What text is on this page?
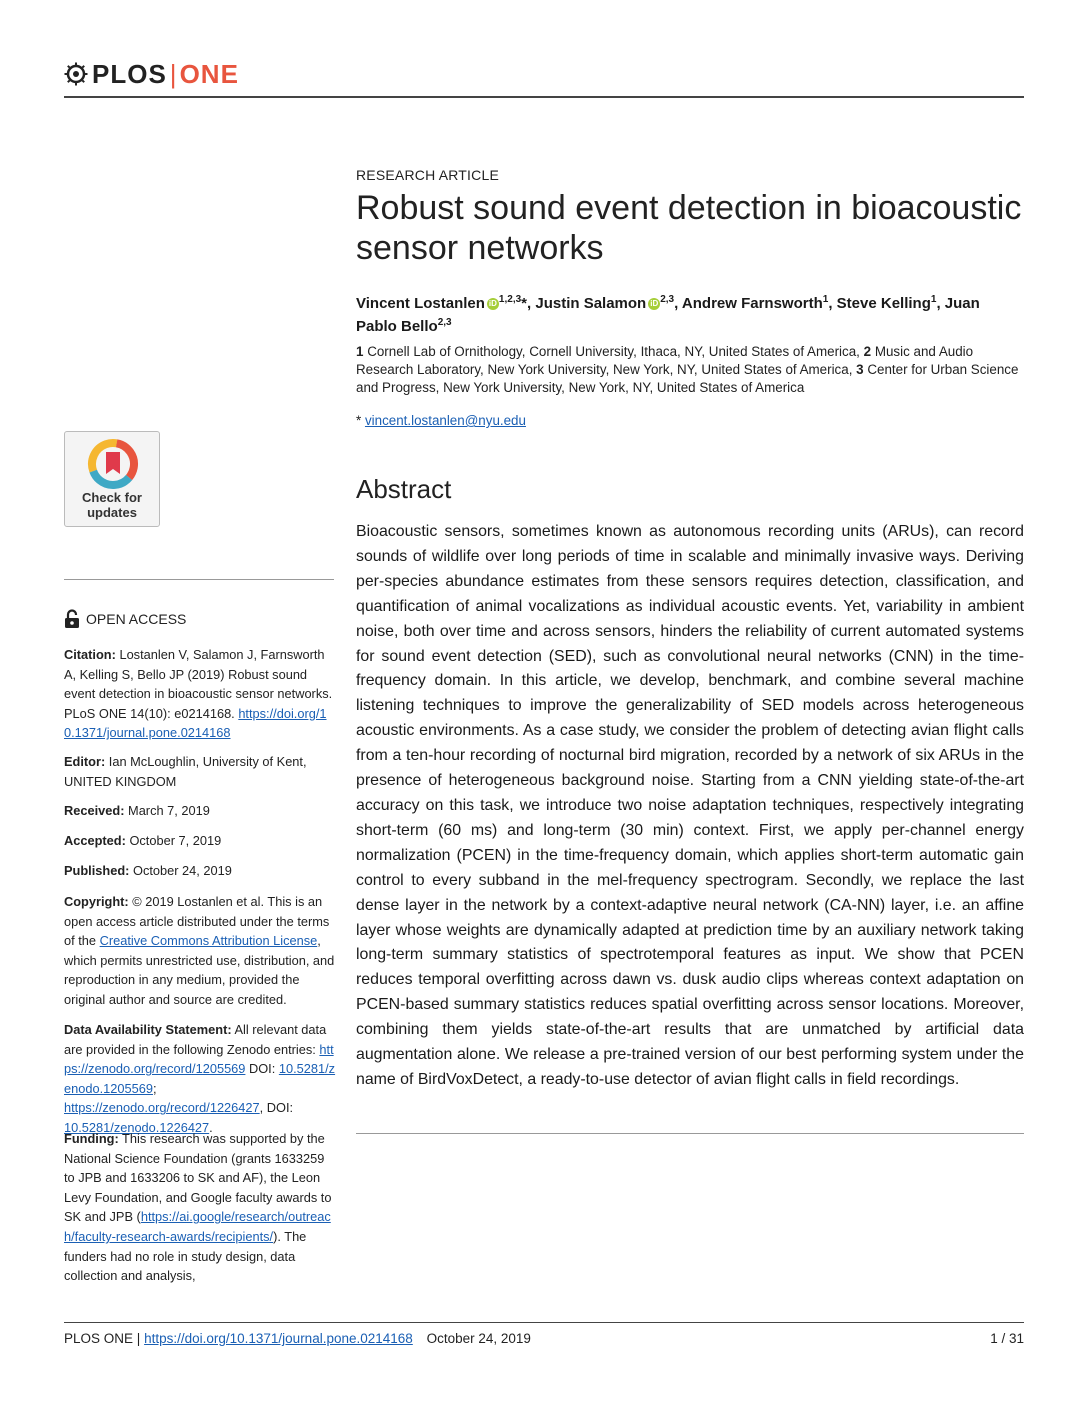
PLOS | ONE
RESEARCH ARTICLE
Robust sound event detection in bioacoustic sensor networks
Vincent Lostanlen iD $^{1,2,3}$*, Justin Salamon iD $^{2,3}$, Andrew Farnsworth$^1$, Steve Kelling$^1$, Juan Pablo Bello$^{2,3}$
1 Cornell Lab of Ornithology, Cornell University, Ithaca, NY, United States of America, 2 Music and Audio Research Laboratory, New York University, New York, NY, United States of America, 3 Center for Urban Science and Progress, New York University, New York, NY, United States of America
* vincent.lostanlen@nyu.edu
Abstract
Bioacoustic sensors, sometimes known as autonomous recording units (ARUs), can record sounds of wildlife over long periods of time in scalable and minimally invasive ways. Deriving per-species abundance estimates from these sensors requires detection, classification, and quantification of animal vocalizations as individual acoustic events. Yet, variability in ambient noise, both over time and across sensors, hinders the reliability of current automated systems for sound event detection (SED), such as convolutional neural networks (CNN) in the time-frequency domain. In this article, we develop, benchmark, and combine several machine listening techniques to improve the generalizability of SED models across heterogeneous acoustic environments. As a case study, we consider the problem of detecting avian flight calls from a ten-hour recording of nocturnal bird migration, recorded by a network of six ARUs in the presence of heterogeneous background noise. Starting from a CNN yielding state-of-the-art accuracy on this task, we introduce two noise adaptation techniques, respectively integrating short-term (60 ms) and long-term (30 min) context. First, we apply per-channel energy normalization (PCEN) in the time-frequency domain, which applies short-term automatic gain control to every subband in the mel-frequency spectrogram. Secondly, we replace the last dense layer in the network by a context-adaptive neural network (CA-NN) layer, i.e. an affine layer whose weights are dynamically adapted at prediction time by an auxiliary network taking long-term summary statistics of spectrotemporal features as input. We show that PCEN reduces temporal overfitting across dawn vs. dusk audio clips whereas context adaptation on PCEN-based summary statistics reduces spatial overfitting across sensor locations. Moreover, combining them yields state-of-the-art results that are unmatched by artificial data augmentation alone. We release a pre-trained version of our best performing system under the name of BirdVoxDetect, a ready-to-use detector of avian flight calls in field recordings.
Check for updates
OPEN ACCESS
Citation: Lostanlen V, Salamon J, Farnsworth A, Kelling S, Bello JP (2019) Robust sound event detection in bioacoustic sensor networks. PLoS ONE 14(10): e0214168. https://doi.org/10.1371/journal.pone.0214168
Editor: Ian McLoughlin, University of Kent, UNITED KINGDOM
Received: March 7, 2019
Accepted: October 7, 2019
Published: October 24, 2019
Copyright: © 2019 Lostanlen et al. This is an open access article distributed under the terms of the Creative Commons Attribution License, which permits unrestricted use, distribution, and reproduction in any medium, provided the original author and source are credited.
Data Availability Statement: All relevant data are provided in the following Zenodo entries: https://zenodo.org/record/1205569 DOI: 10.5281/zenodo.1205569; https://zenodo.org/record/1226427, DOI: 10.5281/zenodo.1226427.
Funding: This research was supported by the National Science Foundation (grants 1633259 to JPB and 1633206 to SK and AF), the Leon Levy Foundation, and Google faculty awards to SK and JPB (https://ai.google/research/outreach/faculty-research-awards/recipients/). The funders had no role in study design, data collection and analysis,
PLOS ONE | https://doi.org/10.1371/journal.pone.0214168 October 24, 2019	1 / 31
